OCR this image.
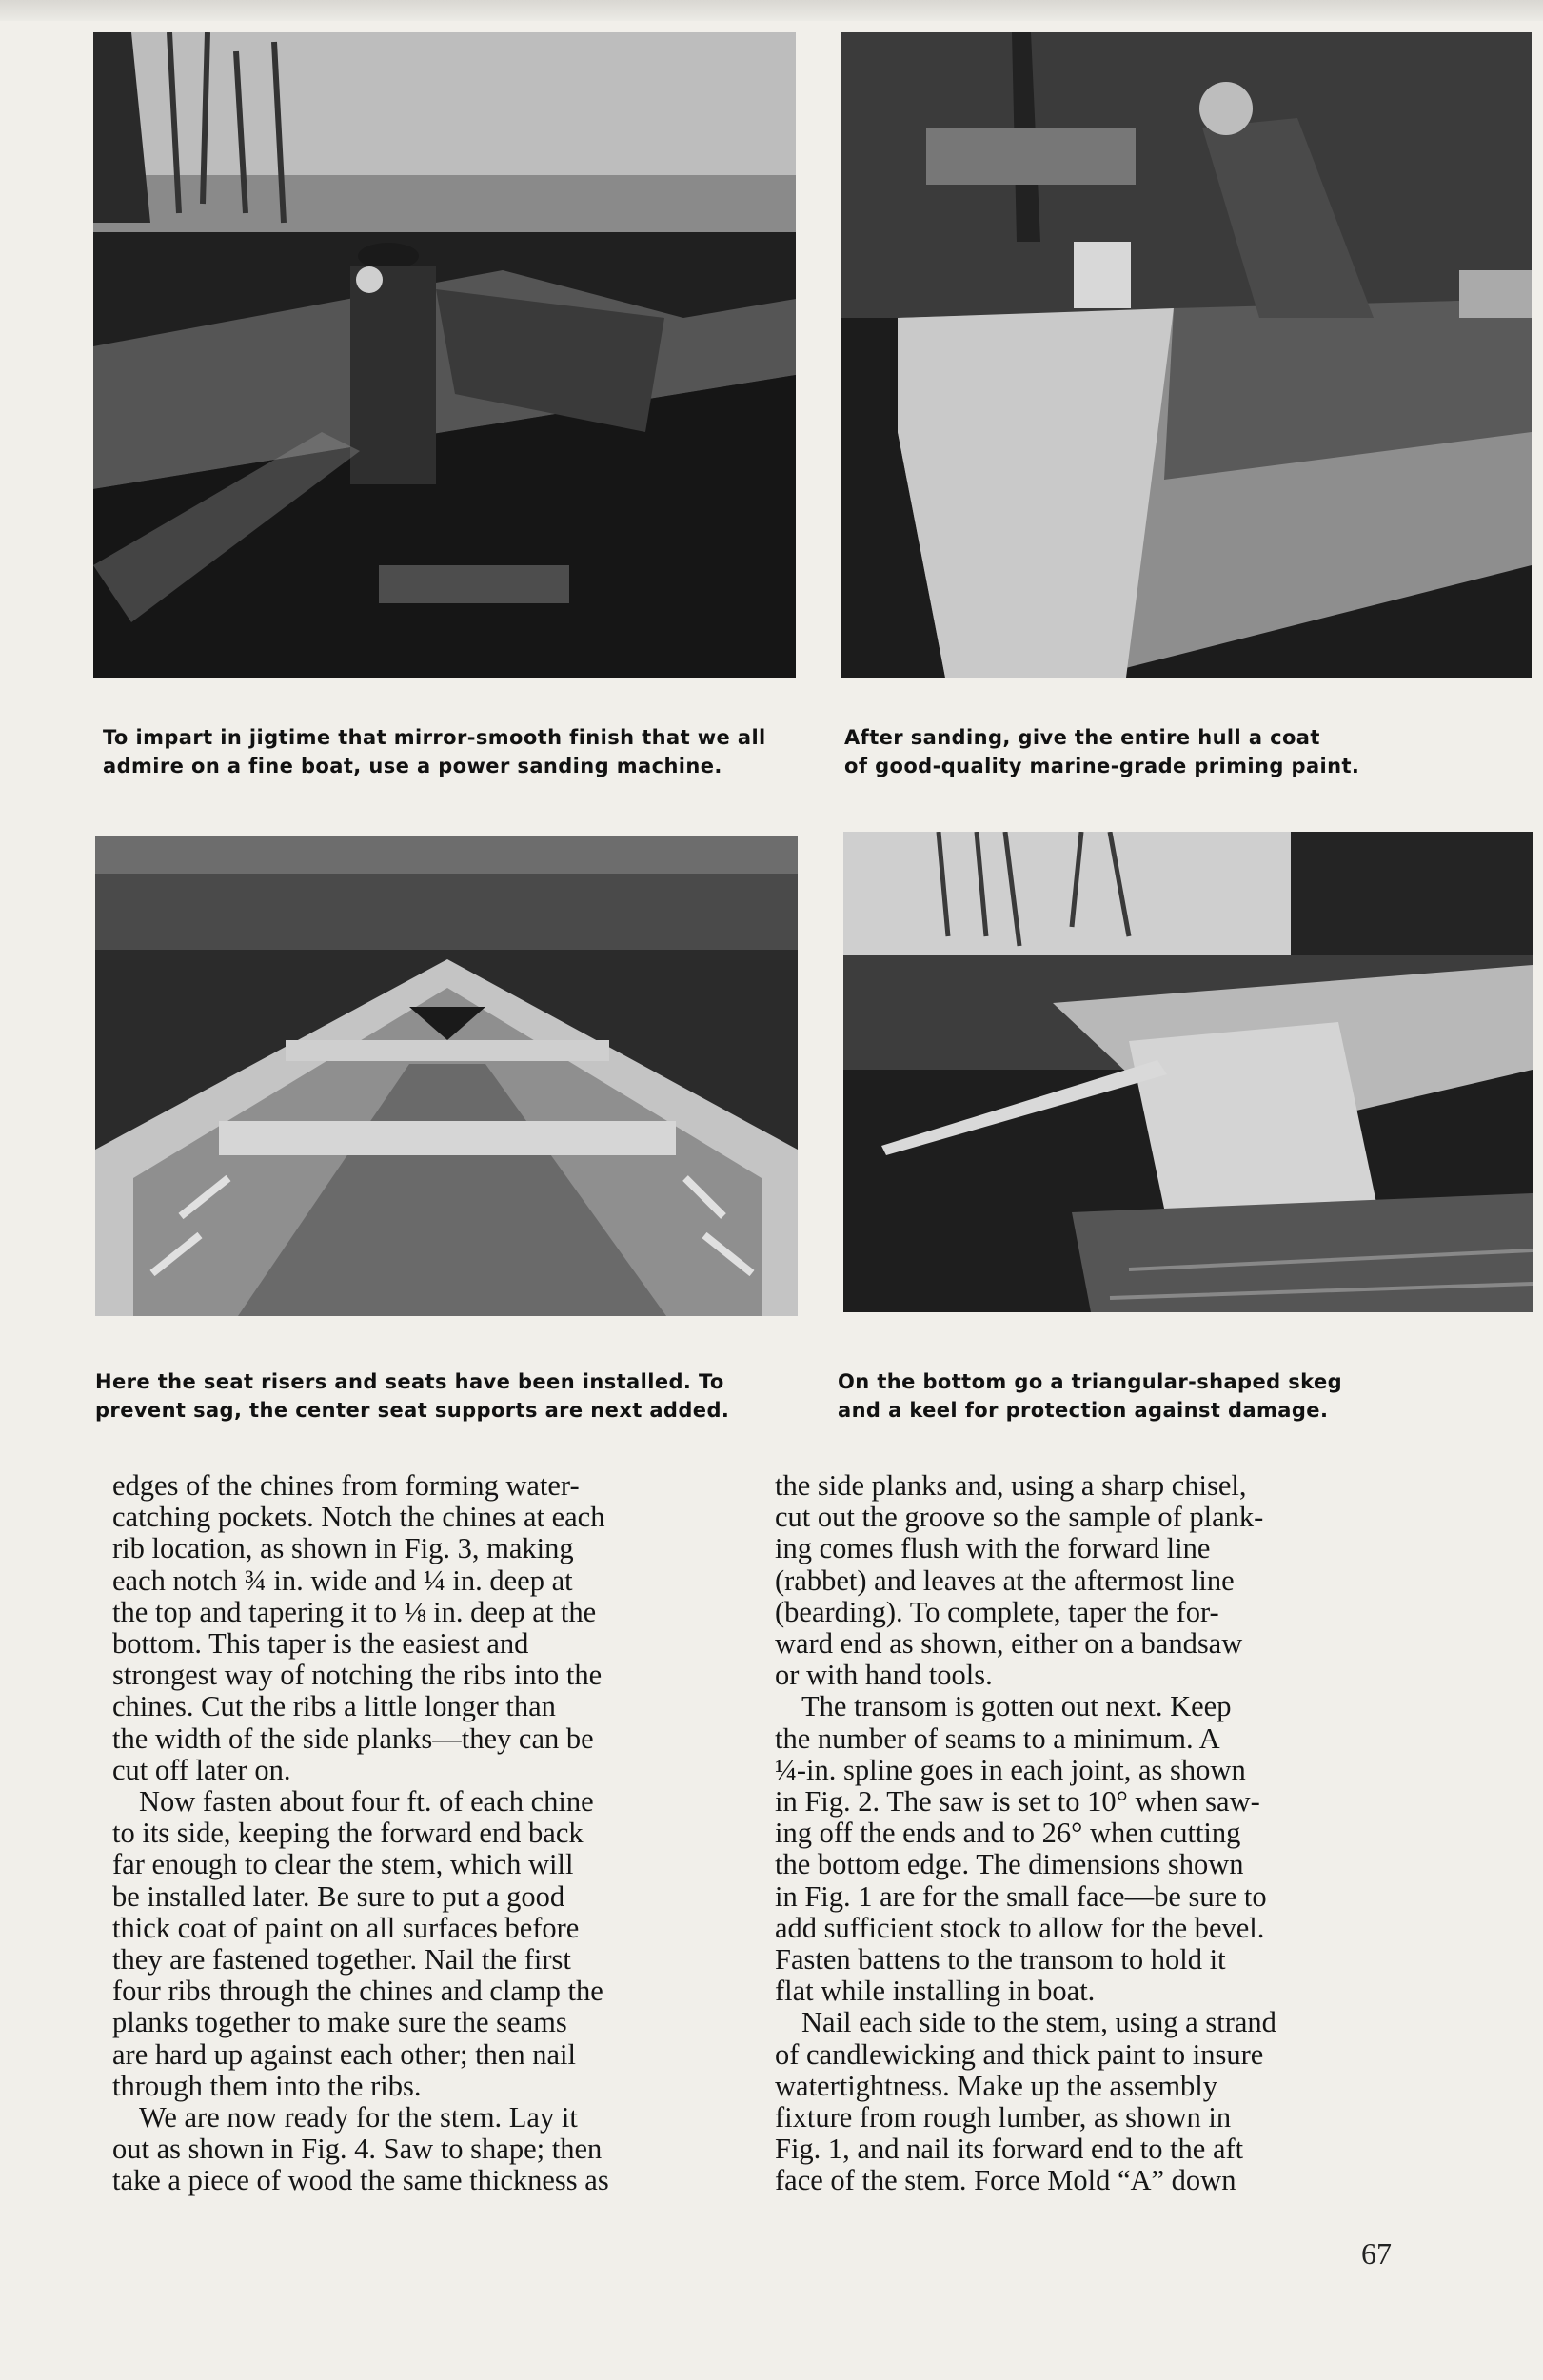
To impart in jigtime that mirror-smooth finish that we all
admire on a fine boat, use a power sanding machine.
After sanding, give the entire hull a coat
of good-quality marine-grade priming paint.
Here the seat risers and seats have been installed. To
prevent sag, the center seat supports are next added.
On the bottom go a triangular-shaped skeg
and a keel for protection against damage.

edges of the chines from forming water-
catching pockets. Notch the chines at each
rib location, as shown in Fig. 3, making
each notch ¾ in. wide and ¼ in. deep at
the top and tapering it to ⅛ in. deep at the
bottom. This taper is the easiest and
strongest way of notching the ribs into the
chines. Cut the ribs a little longer than
the width of the side planks—they can be
cut off later on.

Now fasten about four ft. of each chine
to its side, keeping the forward end back
far enough to clear the stem, which will
be installed later. Be sure to put a good
thick coat of paint on all surfaces before
they are fastened together. Nail the first
four ribs through the chines and clamp the
planks together to make sure the seams
are hard up against each other; then nail
through them into the ribs.

We are now ready for the stem. Lay it
out as shown in Fig. 4. Saw to shape; then
take a piece of wood the same thickness as

the side planks and, using a sharp chisel,
cut out the groove so the sample of plank-
ing comes flush with the forward line
(rabbet) and leaves at the aftermost line
(bearding). To complete, taper the for-
ward end as shown, either on a bandsaw
or with hand tools.

The transom is gotten out next. Keep
the number of seams to a minimum. A
¼-in. spline goes in each joint, as shown
in Fig. 2. The saw is set to 10° when saw-
ing off the ends and to 26° when cutting
the bottom edge. The dimensions shown
in Fig. 1 are for the small face—be sure to
add sufficient stock to allow for the bevel.
Fasten battens to the transom to hold it
flat while installing in boat.

Nail each side to the stem, using a strand
of candlewicking and thick paint to insure
watertightness. Make up the assembly
fixture from rough lumber, as shown in
Fig. 1, and nail its forward end to the aft
face of the stem. Force Mold “A” down

67
